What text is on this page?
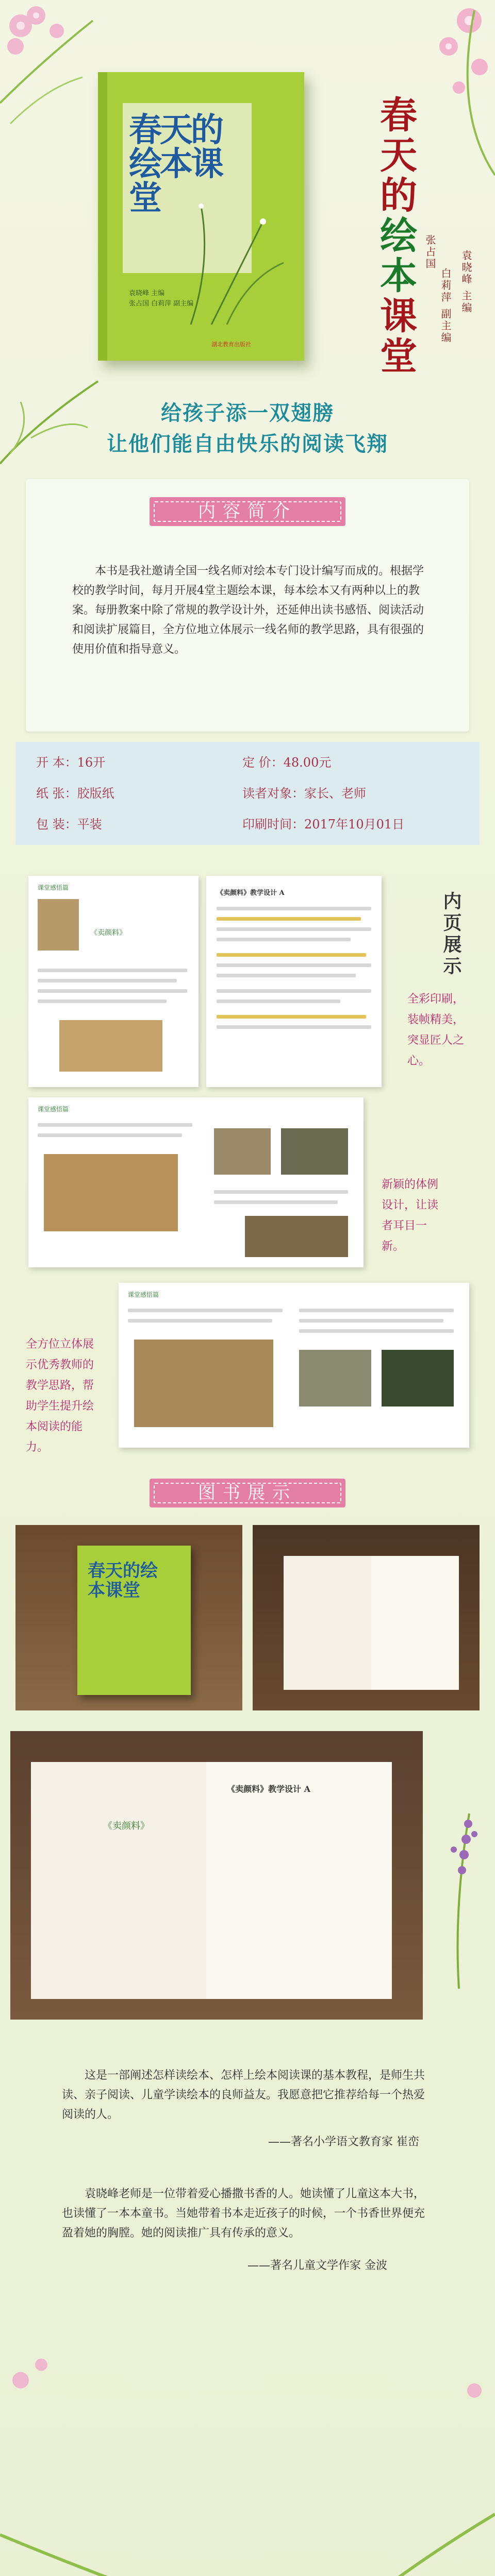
春天的绘本课堂
袁晓峰 主编
张占国 白莉萍 副主编
湖北教育出版社
春天的绘本课堂
袁晓峰 主编
张占国
白莉萍 副主编
给孩子添一双翅膀
让他们能自由快乐的阅读飞翔
内容简介
本书是我社邀请全国一线名师对绘本专门设计编写而成的。根据学校的教学时间，每月开展4堂主题绘本课，每本绘本又有两种以上的教案。每册教案中除了常规的教学设计外，还延伸出读书感悟、阅读活动和阅读扩展篇目，全方位地立体展示一线名师的教学思路，具有很强的使用价值和指导意义。
开 本：16开
纸 张：胶版纸
包 装：平装
定 价：48.00元
读者对象：家长、老师
印刷时间：2017年10月01日
课堂感悟篇
《卖颜料》
《卖颜料》教学设计 A	内页展示
全彩印刷，装帧精美，突显匠人之心。
课堂感悟篇
新颖的体例设计，让读者耳目一新。
课堂感悟篇
全方位立体展示优秀教师的教学思路，帮助学生提升绘本阅读的能力。
图书展示
春天的绘本课堂
《卖颜料》
《卖颜料》教学设计 A
这是一部阐述怎样读绘本、怎样上绘本阅读课的基本教程，是师生共读、亲子阅读、儿童学读绘本的良师益友。我愿意把它推荐给每一个热爱阅读的人。
——著名小学语文教育家 崔峦
袁晓峰老师是一位带着爱心播撒书香的人。她读懂了儿童这本大书，也读懂了一本本童书。当她带着书本走近孩子的时候，一个书香世界便充盈着她的胸膛。她的阅读推广具有传承的意义。
——著名儿童文学作家 金波
